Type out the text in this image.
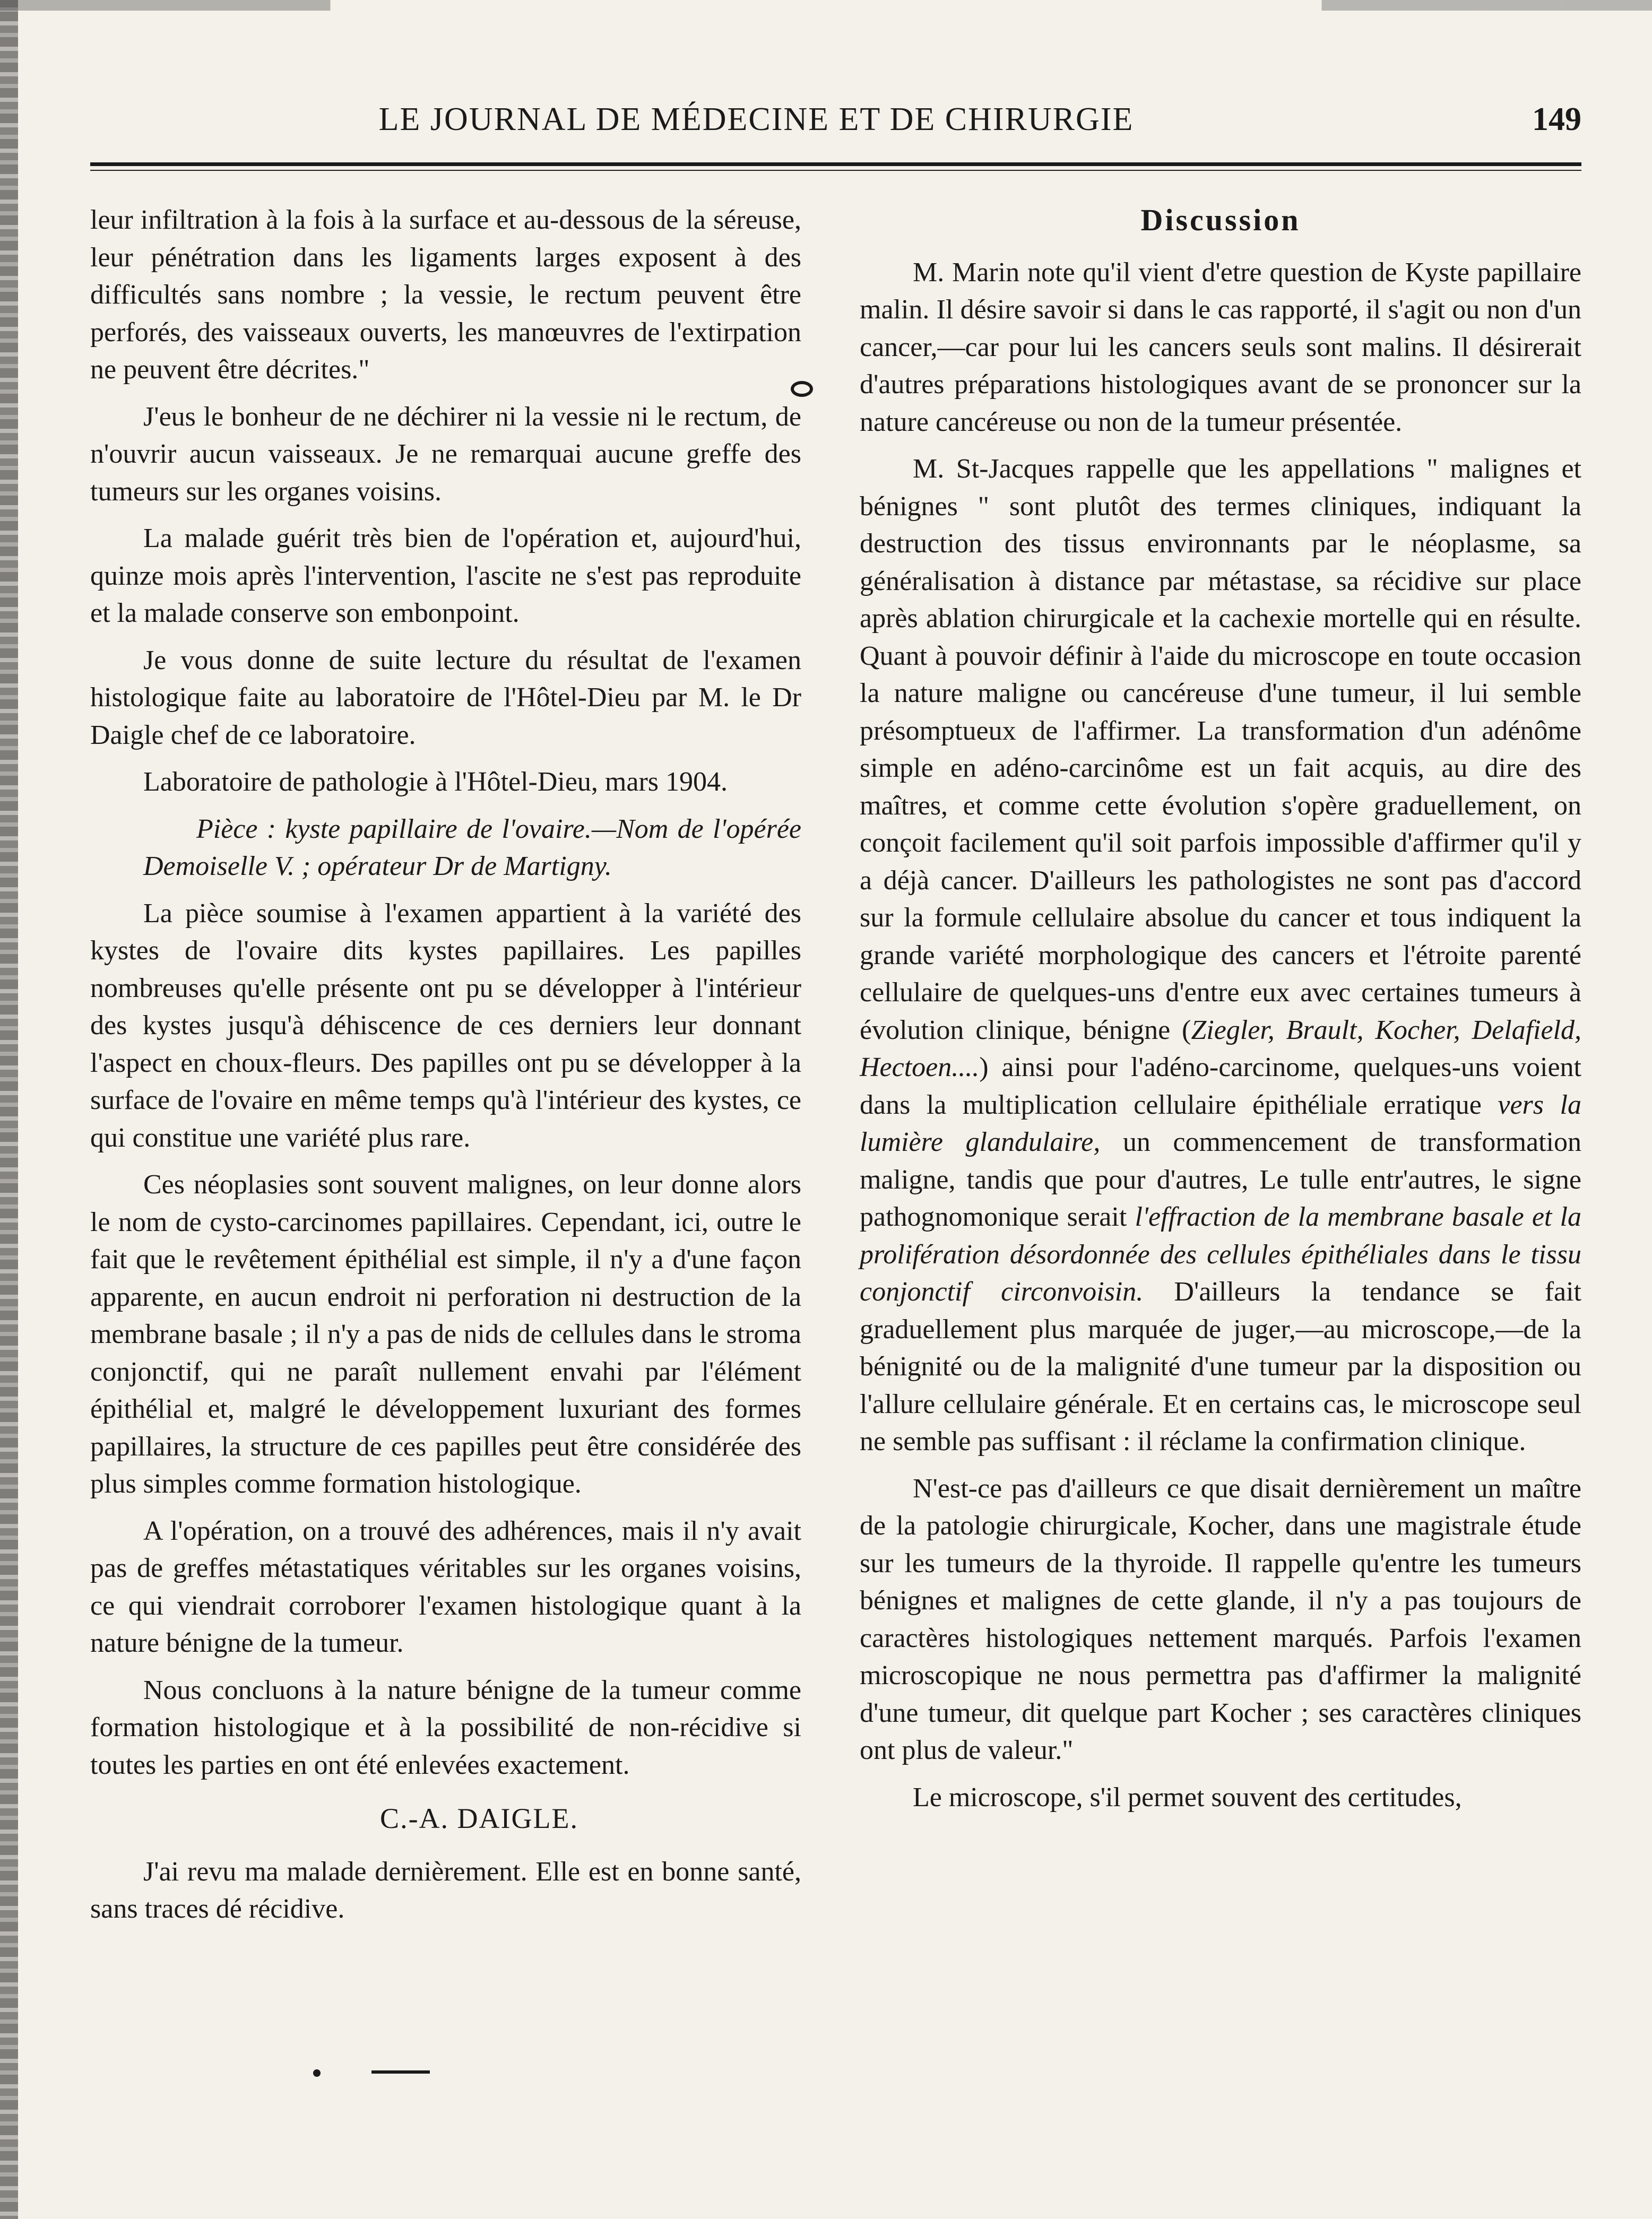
LE JOURNAL DE MÉDECINE ET DE CHIRURGIE	149

leur infiltration à la fois à la surface et au-dessous de la séreuse, leur pénétration dans les ligaments larges exposent à des difficultés sans nombre ; la vessie, le rectum peuvent être perforés, des vaisseaux ouverts, les manœuvres de l'extirpation ne peuvent être décrites."

J'eus le bonheur de ne déchirer ni la vessie ni le rectum, de n'ouvrir aucun vaisseaux. Je ne remarquai aucune greffe des tumeurs sur les organes voisins.

La malade guérit très bien de l'opération et, aujourd'hui, quinze mois après l'intervention, l'ascite ne s'est pas reproduite et la malade conserve son embonpoint.

Je vous donne de suite lecture du résultat de l'examen histologique faite au laboratoire de l'Hôtel-Dieu par M. le Dr Daigle chef de ce laboratoire.

Laboratoire de pathologie à l'Hôtel-Dieu, mars 1904.

Pièce : kyste papillaire de l'ovaire.—Nom de l'opérée Demoiselle V. ; opérateur Dr de Martigny.

La pièce soumise à l'examen appartient à la variété des kystes de l'ovaire dits kystes papillaires. Les papilles nombreuses qu'elle présente ont pu se développer à l'intérieur des kystes jusqu'à déhiscence de ces derniers leur donnant l'aspect en choux-fleurs. Des papilles ont pu se développer à la surface de l'ovaire en même temps qu'à l'intérieur des kystes, ce qui constitue une variété plus rare.

Ces néoplasies sont souvent malignes, on leur donne alors le nom de cysto-carcinomes papillaires. Cependant, ici, outre le fait que le revêtement épithélial est simple, il n'y a d'une façon apparente, en aucun endroit ni perforation ni destruction de la membrane basale ; il n'y a pas de nids de cellules dans le stroma conjonctif, qui ne paraît nullement envahi par l'élément épithélial et, malgré le développement luxuriant des formes papillaires, la structure de ces papilles peut être considérée des plus simples comme formation histologique.

A l'opération, on a trouvé des adhérences, mais il n'y avait pas de greffes métastatiques véritables sur les organes voisins, ce qui viendrait corroborer l'examen histologique quant à la nature bénigne de la tumeur.

Nous concluons à la nature bénigne de la tumeur comme formation histologique et à la possibilité de non-récidive si toutes les parties en ont été enlevées exactement.

C.-A. DAIGLE.

J'ai revu ma malade dernièrement. Elle est en bonne santé, sans traces dé récidive.

Discussion

M. Marin note qu'il vient d'etre question de Kyste papillaire malin. Il désire savoir si dans le cas rapporté, il s'agit ou non d'un cancer,—car pour lui les cancers seuls sont malins. Il désirerait d'autres préparations histologiques avant de se prononcer sur la nature cancéreuse ou non de la tumeur présentée.

M. St-Jacques rappelle que les appellations " malignes et bénignes " sont plutôt des termes cliniques, indiquant la destruction des tissus environnants par le néoplasme, sa généralisation à distance par métastase, sa récidive sur place après ablation chirurgicale et la cachexie mortelle qui en résulte. Quant à pouvoir définir à l'aide du microscope en toute occasion la nature maligne ou cancéreuse d'une tumeur, il lui semble présomptueux de l'affirmer. La transformation d'un adénôme simple en adéno-carcinôme est un fait acquis, au dire des maîtres, et comme cette évolution s'opère graduellement, on conçoit facilement qu'il soit parfois impossible d'affirmer qu'il y a déjà cancer. D'ailleurs les pathologistes ne sont pas d'accord sur la formule cellulaire absolue du cancer et tous indiquent la grande variété morphologique des cancers et l'étroite parenté cellulaire de quelques-uns d'entre eux avec certaines tumeurs à évolution clinique, bénigne (Ziegler, Brault, Kocher, Delafield, Hectoen....) ainsi pour l'adéno-carcinome, quelques-uns voient dans la multiplication cellulaire épithéliale erratique vers la lumière glandulaire, un commencement de transformation maligne, tandis que pour d'autres, Le tulle entr'autres, le signe pathognomonique serait l'effraction de la membrane basale et la prolifération désordonnée des cellules épithéliales dans le tissu conjonctif circonvoisin. D'ailleurs la tendance se fait graduellement plus marquée de juger,—au microscope,—de la bénignité ou de la malignité d'une tumeur par la disposition ou l'allure cellulaire générale. Et en certains cas, le microscope seul ne semble pas suffisant : il réclame la confirmation clinique.

N'est-ce pas d'ailleurs ce que disait dernièrement un maître de la patologie chirurgicale, Kocher, dans une magistrale étude sur les tumeurs de la thyroide. Il rappelle qu'entre les tumeurs bénignes et malignes de cette glande, il n'y a pas toujours de caractères histologiques nettement marqués. Parfois l'examen microscopique ne nous permettra pas d'affirmer la malignité d'une tumeur, dit quelque part Kocher ; ses caractères cliniques ont plus de valeur."

Le microscope, s'il permet souvent des certitudes,
